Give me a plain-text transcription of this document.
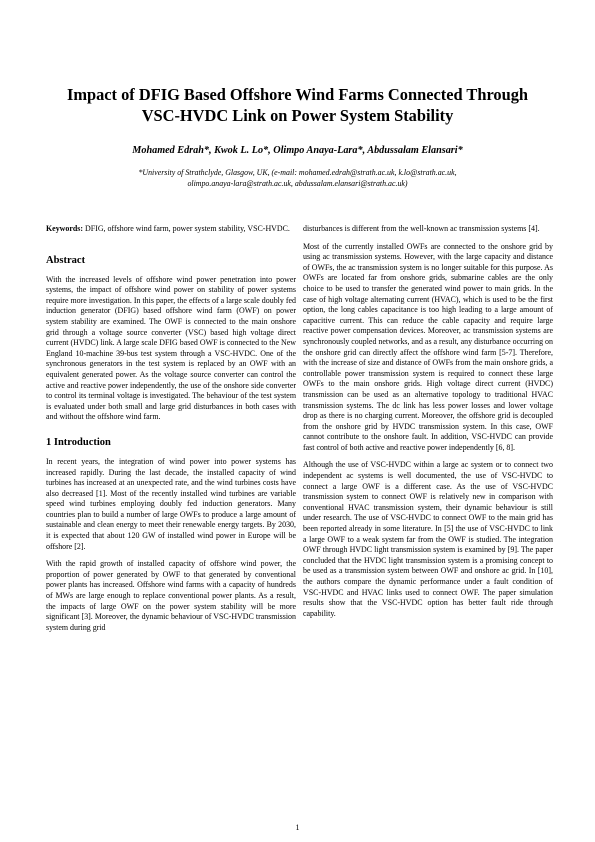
Impact of DFIG Based Offshore Wind Farms Connected Through
VSC-HVDC Link on Power System Stability
Mohamed Edrah*, Kwok L. Lo*, Olimpo Anaya-Lara*, Abdussalam Elansari*
*University of Strathclyde, Glasgow, UK, (e-mail: mohamed.edrah@strath.ac.uk, k.lo@strath.ac.uk,
olimpo.anaya-lara@strath.ac.uk, abdussalam.elansari@strath.ac.uk)

Keywords: DFIG, offshore wind farm, power system stability, VSC-HVDC.

Abstract

With the increased levels of offshore wind power penetration into power systems, the impact of offshore wind power on stability of power systems require more investigation. In this paper, the effects of a large scale doubly fed induction generator (DFIG) based offshore wind farm (OWF) on power system stability are examined. The OWF is connected to the main onshore grid through a voltage source converter (VSC) based high voltage direct current (HVDC) link. A large scale DFIG based OWF is connected to the New England 10-machine 39-bus test system through a VSC-HVDC. One of the synchronous generators in the test system is replaced by an OWF with an equivalent generated power. As the voltage source converter can control the active and reactive power independently, the use of the onshore side converter to control its terminal voltage is investigated. The behaviour of the test system is evaluated under both small and large grid disturbances in both cases with and without the offshore wind farm.

1 Introduction

In recent years, the integration of wind power into power systems has increased rapidly. During the last decade, the installed capacity of wind turbines has increased at an unexpected rate, and the wind turbines costs have also decreased [1]. Most of the recently installed wind turbines are variable speed wind turbines employing doubly fed induction generators. Many countries plan to build a number of large OWFs to produce a large amount of sustainable and clean energy to meet their renewable energy targets. By 2030, it is expected that about 120 GW of installed wind power in Europe will be offshore [2].

With the rapid growth of installed capacity of offshore wind power, the proportion of power generated by OWF to that generated by conventional power plants has increased. Offshore wind farms with a capacity of hundreds of MWs are large enough to replace conventional power plants. As a result, the impacts of large OWF on the power system stability will be more significant [3]. Moreover, the dynamic behaviour of VSC-HVDC transmission system during grid

disturbances is different from the well-known ac transmission systems [4].

Most of the currently installed OWFs are connected to the onshore grid by using ac transmission systems. However, with the large capacity and distance of OWFs, the ac transmission system is no longer suitable for this purpose. As OWFs are located far from onshore grids, submarine cables are the only choice to be used to transfer the generated wind power to main grids. In the case of high voltage alternating current (HVAC), which is used to be the first option, the long cables capacitance is too high leading to a large amount of capacitive current. This can reduce the cable capacity and require large reactive power compensation devices. Moreover, ac transmission systems are synchronously coupled networks, and as a result, any disturbance occurring on the onshore grid can directly affect the offshore wind farm [5-7]. Therefore, with the increase of size and distance of OWFs from the main onshore grids, a controllable power transmission system is required to connect these large OWFs to the main onshore grids. High voltage direct current (HVDC) transmission can be used as an alternative topology to traditional HVAC transmission systems. The dc link has less power losses and lower voltage drop as there is no charging current. Moreover, the offshore grid is decoupled from the onshore grid by HVDC transmission system. In this case, OWF cannot contribute to the onshore fault. In addition, VSC-HVDC can provide fast control of both active and reactive power independently [6, 8].

Although the use of VSC-HVDC within a large ac system or to connect two independent ac systems is well documented, the use of VSC-HVDC to connect a large OWF is a different case. As the use of VSC-HVDC transmission system to connect OWF is relatively new in comparison with conventional HVAC transmission system, their dynamic behaviour is still under research. The use of VSC-HVDC to connect OWF to the main grid has been reported already in some literature. In [5] the use of VSC-HVDC to link a large OWF to a weak system far from the OWF is studied. The integration OWF through HVDC light transmission system is examined by [9]. The paper concluded that the HVDC light transmission system is a promising concept to be used as a transmission system between OWF and onshore ac grid. In [10], the authors compare the dynamic performance under a fault condition of VSC-HVDC and HVAC links used to connect OWF. The paper simulation results show that the VSC-HVDC option has better fault ride through capability.

1
